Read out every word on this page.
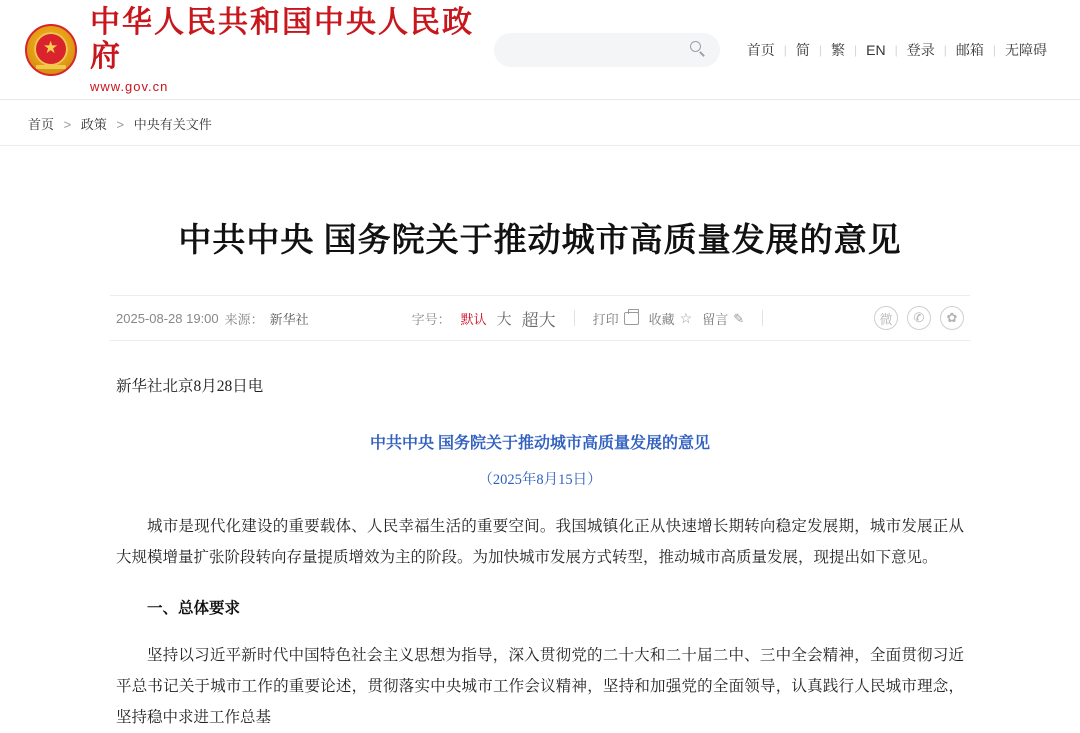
★
中华人民共和国中央人民政府
www.gov.cn
首页 | 简 | 繁 | EN | 登录 | 邮箱 | 无障碍
首页 > 政策 > 中央有关文件
中共中央 国务院关于推动城市高质量发展的意见
2025-08-28 19:00 来源： 新华社	字号： 默认 大 超大	打印 收藏 ☆ 留言 ✎	微	✆	✿
新华社北京8月28日电
中共中央 国务院关于推动城市高质量发展的意见
（2025年8月15日）

城市是现代化建设的重要载体、人民幸福生活的重要空间。我国城镇化正从快速增长期转向稳定发展期，城市发展正从大规模增量扩张阶段转向存量提质增效为主的阶段。为加快城市发展方式转型，推动城市高质量发展，现提出如下意见。

一、总体要求

坚持以习近平新时代中国特色社会主义思想为指导，深入贯彻党的二十大和二十届二中、三中全会精神，全面贯彻习近平总书记关于城市工作的重要论述，贯彻落实中央城市工作会议精神，坚持和加强党的全面领导，认真践行人民城市理念，坚持稳中求进工作总基
